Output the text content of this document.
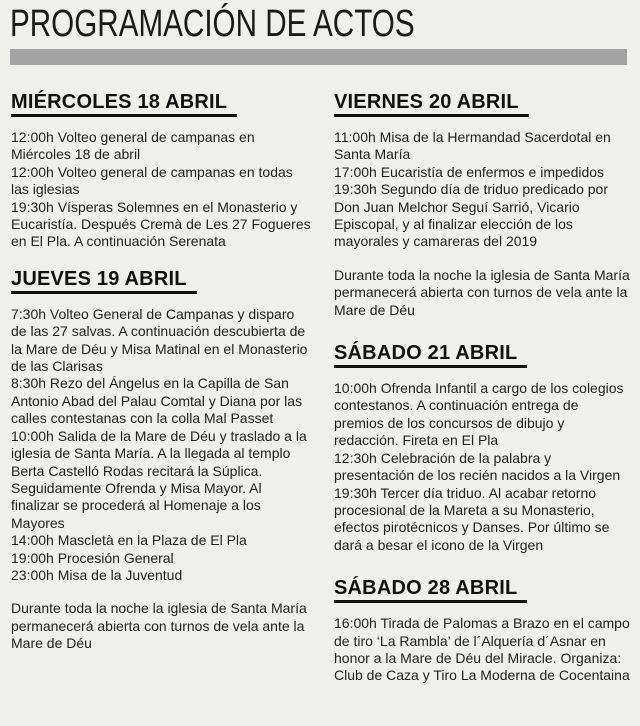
PROGRAMACIÓN DE ACTOS
MIÉRCOLES 18 ABRIL

12:00h Volteo general de campanas en Miércoles 18 de abril

12:00h Volteo general de campanas en todas las iglesias

19:30h Vísperas Solemnes en el Monasterio y Eucaristía. Después Cremà de Les 27 Fogueres en El Pla. A continuación Serenata

JUEVES 19 ABRIL

7:30h Volteo General de Campanas y disparo de las 27 salvas. A continuación descubierta de la Mare de Déu y Misa Matinal en el Monasterio de las Clarisas

8:30h Rezo del Ángelus en la Capilla de San Antonio Abad del Palau Comtal y Diana por las calles contestanas con la colla Mal Passet

10:00h Salida de la Mare de Déu y traslado a la iglesia de Santa María. A la llegada al templo Berta Castelló Rodas recitará la Súplica. Seguidamente Ofrenda y Misa Mayor. Al finalizar se procederá al Homenaje a los Mayores

14:00h Mascletà en la Plaza de El Pla

19:00h Procesión General

23:00h Misa de la Juventud

Durante toda la noche la iglesia de Santa María permanecerá abierta con turnos de vela ante la Mare de Déu

VIERNES 20 ABRIL

11:00h Misa de la Hermandad Sacerdotal en Santa María

17:00h Eucaristía de enfermos e impedidos

19:30h Segundo día de triduo predicado por Don Juan Melchor Seguí Sarrió, Vicario Episcopal, y al finalizar elección de los mayorales y camareras del 2019

Durante toda la noche la iglesia de Santa María permanecerá abierta con turnos de vela ante la Mare de Déu

SÁBADO 21 ABRIL

10:00h Ofrenda Infantil a cargo de los colegios contestanos. A continuación entrega de premios de los concursos de dibujo y redacción. Fireta en El Pla

12:30h Celebración de la palabra y presentación de los recién nacidos a la Virgen

19:30h Tercer día triduo. Al acabar retorno procesional de la Mareta a su Monasterio, efectos pirotécnicos y Danses. Por último se dará a besar el icono de la Virgen

SÁBADO 28 ABRIL

16:00h Tirada de Palomas a Brazo en el campo de tiro ‘La Rambla’ de l´Alquería d´Asnar en honor a la Mare de Déu del Miracle. Organiza: Club de Caza y Tiro La Moderna de Cocentaina
